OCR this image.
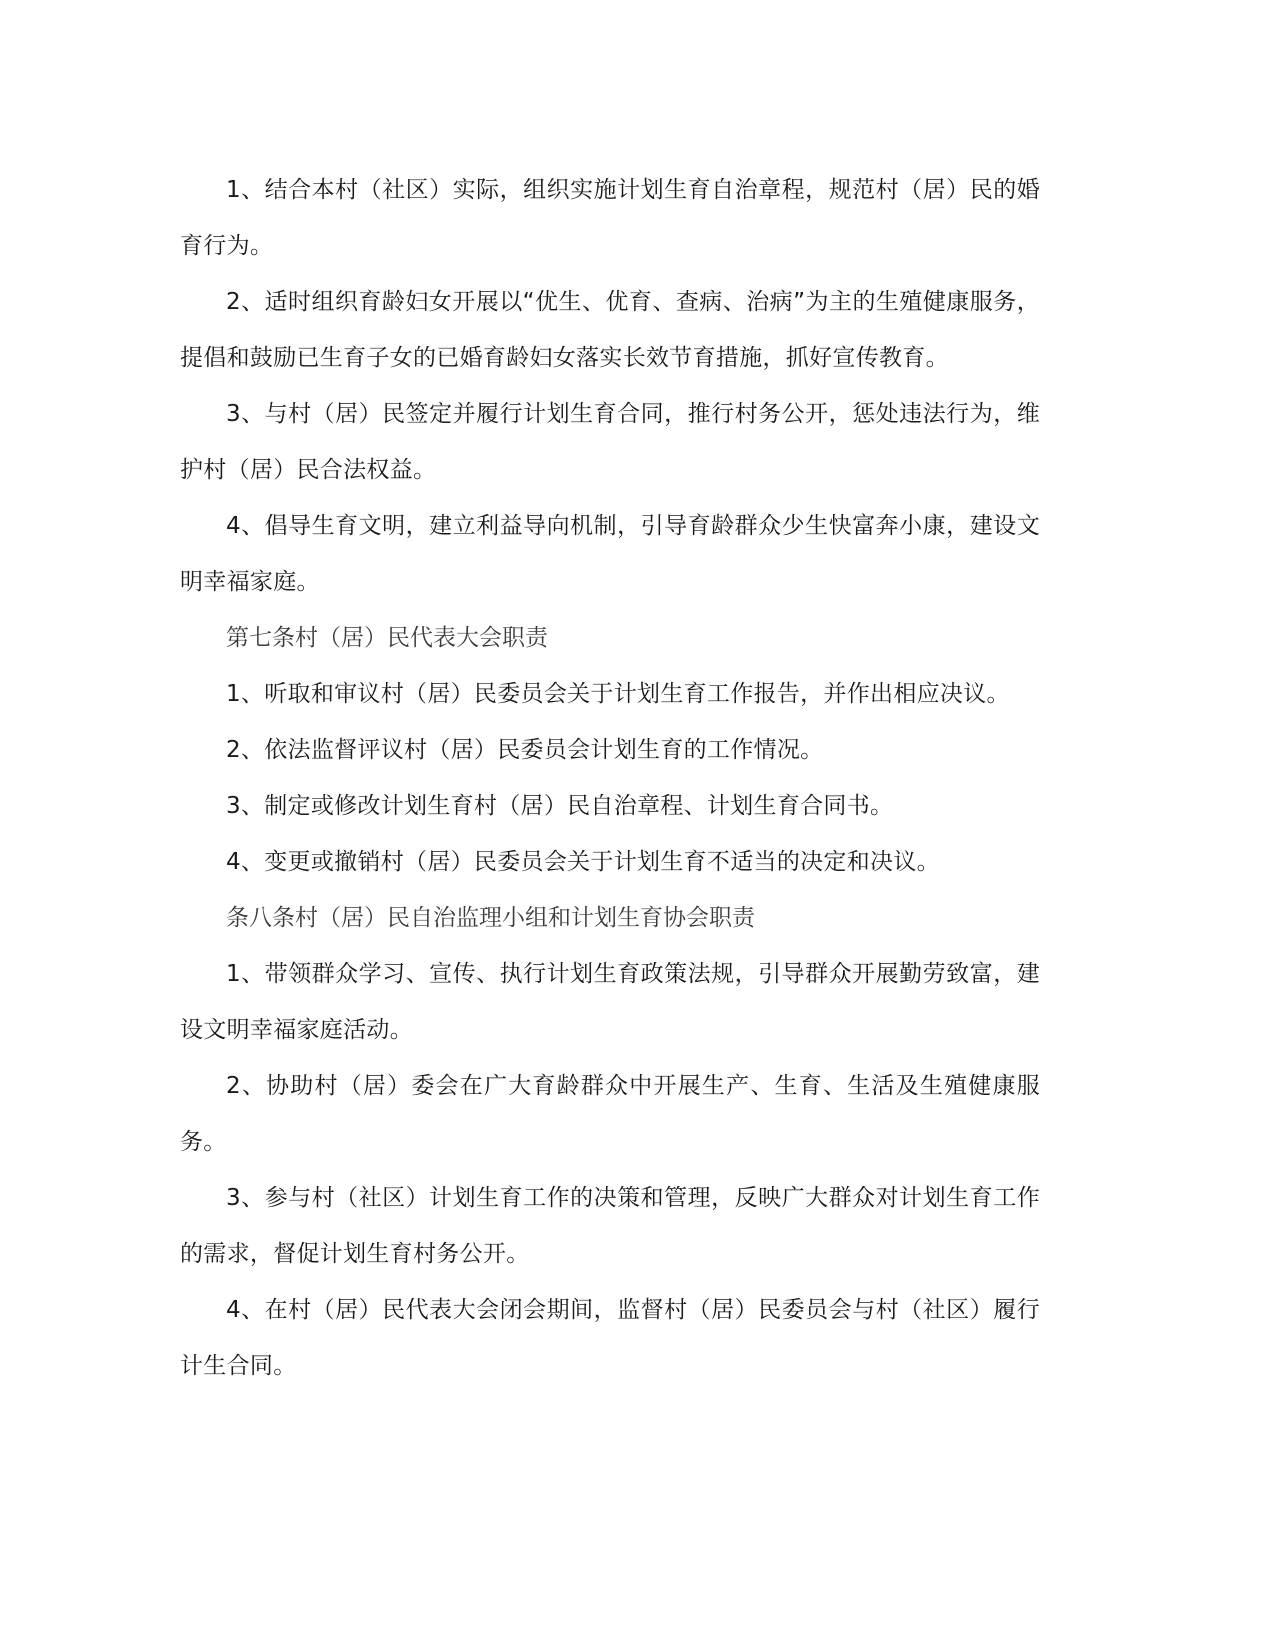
1、结合本村（社区）实际，组织实施计划生育自治章程，规范村（居）民的婚育行为。

2、适时组织育龄妇女开展以“优生、优育、查病、治病”为主的生殖健康服务，提倡和鼓励已生育子女的已婚育龄妇女落实长效节育措施，抓好宣传教育。

3、与村（居）民签定并履行计划生育合同，推行村务公开，惩处违法行为，维护村（居）民合法权益。

4、倡导生育文明，建立利益导向机制，引导育龄群众少生快富奔小康，建设文明幸福家庭。

第七条村（居）民代表大会职责

1、听取和审议村（居）民委员会关于计划生育工作报告，并作出相应决议。

2、依法监督评议村（居）民委员会计划生育的工作情况。

3、制定或修改计划生育村（居）民自治章程、计划生育合同书。

4、变更或撤销村（居）民委员会关于计划生育不适当的决定和决议。

条八条村（居）民自治监理小组和计划生育协会职责

1、带领群众学习、宣传、执行计划生育政策法规，引导群众开展勤劳致富，建设文明幸福家庭活动。

2、协助村（居）委会在广大育龄群众中开展生产、生育、生活及生殖健康服务。

3、参与村（社区）计划生育工作的决策和管理，反映广大群众对计划生育工作的需求，督促计划生育村务公开。

4、在村（居）民代表大会闭会期间，监督村（居）民委员会与村（社区）履行计生合同。
